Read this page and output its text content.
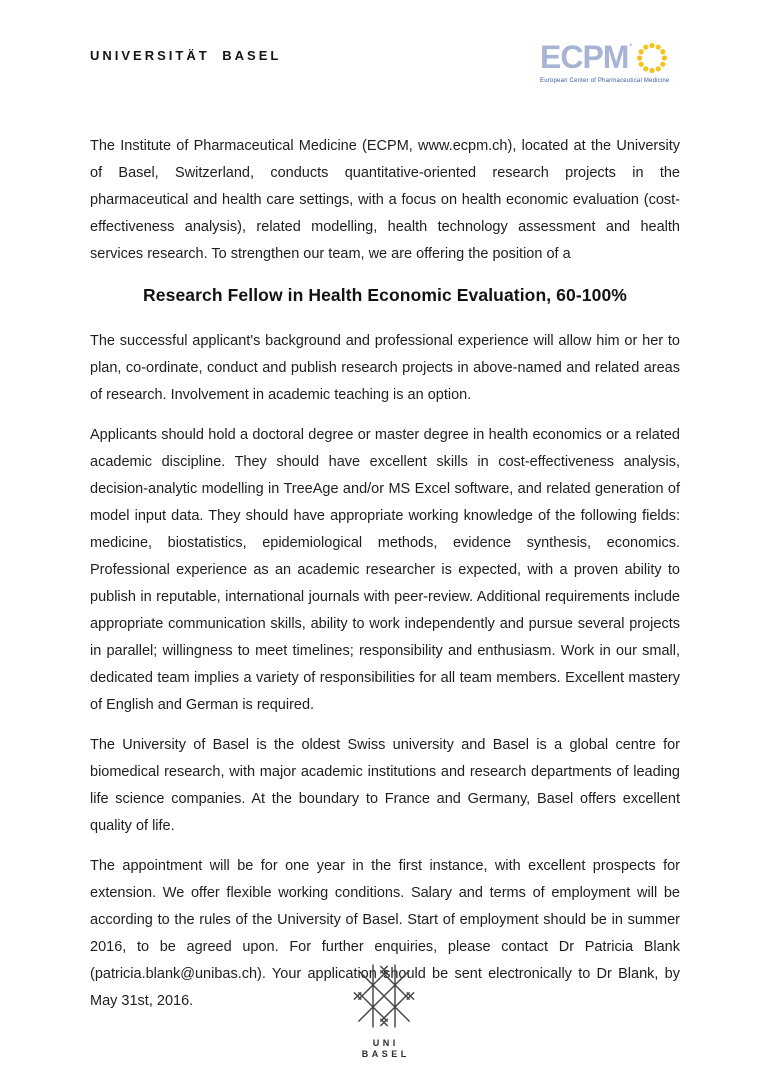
UNIVERSITÄT BASEL	ECPM '
European Center of Pharmaceutical Medicine

The Institute of Pharmaceutical Medicine (ECPM, www.ecpm.ch), located at the University of Basel, Switzerland, conducts quantitative-oriented research projects in the pharmaceutical and health care settings, with a focus on health economic evaluation (cost-effectiveness analysis), related modelling, health technology assessment and health services research. To strengthen our team, we are offering the position of a

Research Fellow in Health Economic Evaluation, 60-100%

The successful applicant's background and professional experience will allow him or her to plan, co-ordinate, conduct and publish research projects in above-named and related areas of research. Involvement in academic teaching is an option.

Applicants should hold a doctoral degree or master degree in health economics or a related academic discipline. They should have excellent skills in cost-effectiveness analysis, decision-analytic modelling in TreeAge and/or MS Excel software, and related generation of model input data. They should have appropriate working knowledge of the following fields: medicine, biostatistics, epidemiological methods, evidence synthesis, economics. Professional experience as an academic researcher is expected, with a proven ability to publish in reputable, international journals with peer-review. Additional requirements include appropriate communication skills, ability to work independently and pursue several projects in parallel; willingness to meet timelines; responsibility and enthusiasm. Work in our small, dedicated team implies a variety of responsibilities for all team members. Excellent mastery of English and German is required.

The University of Basel is the oldest Swiss university and Basel is a global centre for biomedical research, with major academic institutions and research departments of leading life science companies. At the boundary to France and Germany, Basel offers excellent quality of life.

The appointment will be for one year in the first instance, with excellent prospects for extension. We offer flexible working conditions. Salary and terms of employment will be according to the rules of the University of Basel. Start of employment should be in summer 2016, to be agreed upon. For further enquiries, please contact Dr Patricia Blank (patricia.blank@unibas.ch). Your application should be sent electronically to Dr Blank, by May 31st, 2016.

UNI
BASEL
